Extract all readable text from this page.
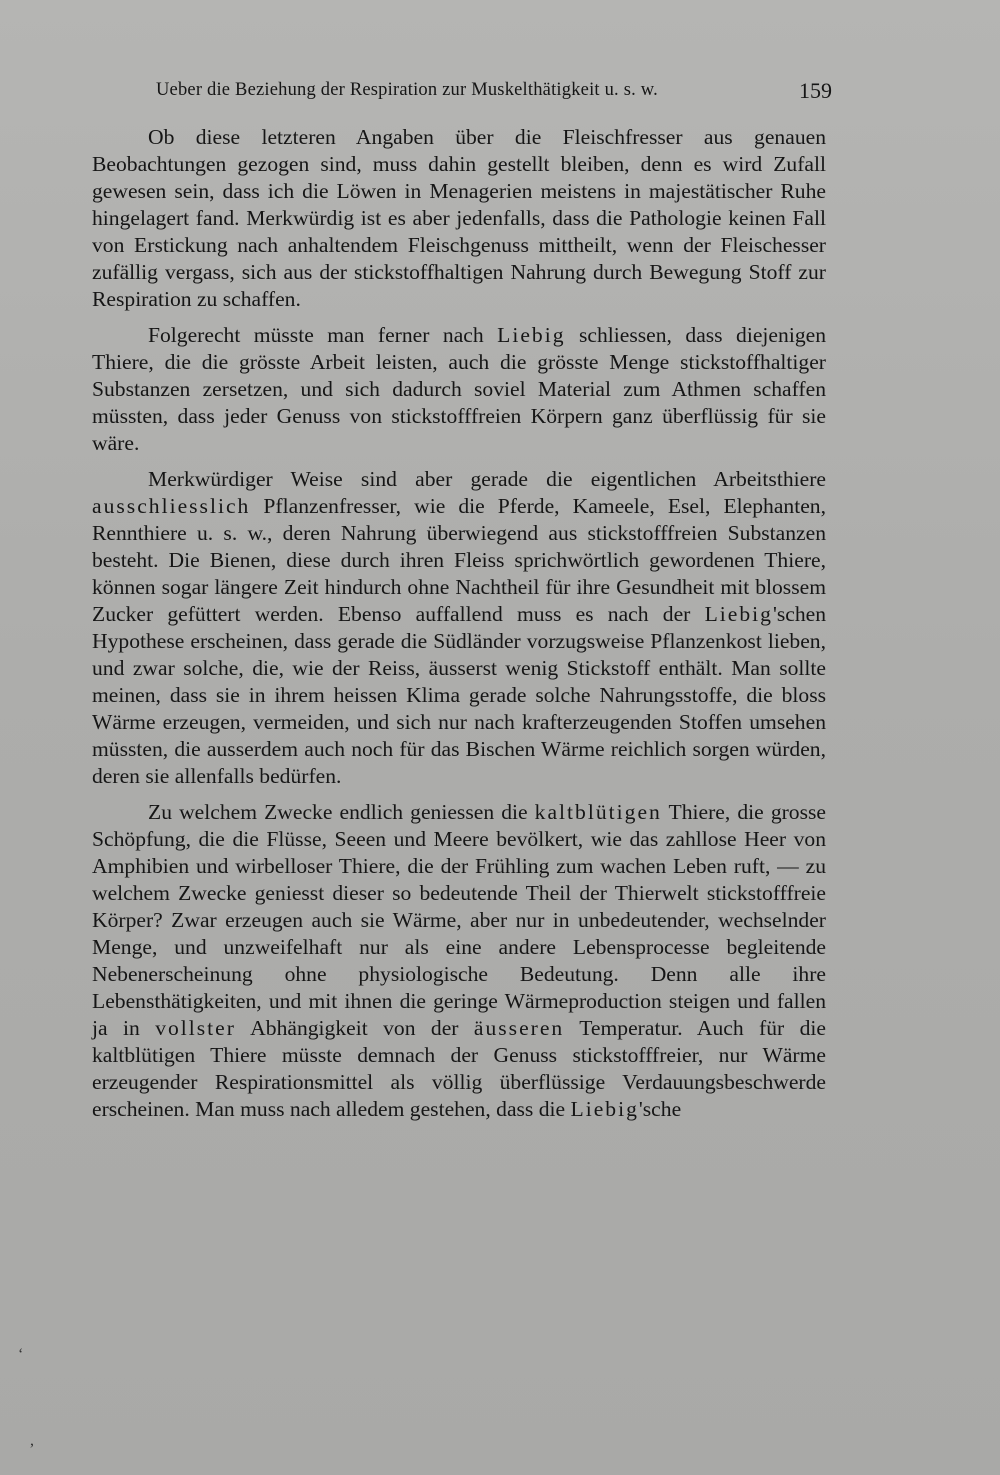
Ueber die Beziehung der Respiration zur Muskelthätigkeit u. s. w.	159

Ob diese letzteren Angaben über die Fleischfresser aus genauen Beobachtungen gezogen sind, muss dahin gestellt bleiben, denn es wird Zufall gewesen sein, dass ich die Löwen in Menagerien meistens in majestätischer Ruhe hingelagert fand. Merkwürdig ist es aber jedenfalls, dass die Pathologie keinen Fall von Erstickung nach anhaltendem Fleischgenuss mittheilt, wenn der Fleischesser zufällig vergass, sich aus der stickstoffhaltigen Nahrung durch Bewegung Stoff zur Respiration zu schaffen.

Folgerecht müsste man ferner nach Liebig schliessen, dass diejenigen Thiere, die die grösste Arbeit leisten, auch die grösste Menge stickstoffhaltiger Substanzen zersetzen, und sich dadurch soviel Material zum Athmen schaffen müssten, dass jeder Genuss von stickstofffreien Körpern ganz überflüssig für sie wäre.

Merkwürdiger Weise sind aber gerade die eigentlichen Arbeitsthiere ausschliesslich Pflanzenfresser, wie die Pferde, Kameele, Esel, Elephanten, Rennthiere u. s. w., deren Nahrung überwiegend aus stickstofffreien Substanzen besteht. Die Bienen, diese durch ihren Fleiss sprichwörtlich gewordenen Thiere, können sogar längere Zeit hindurch ohne Nachtheil für ihre Gesundheit mit blossem Zucker gefüttert werden. Ebenso auffallend muss es nach der Liebig'schen Hypothese erscheinen, dass gerade die Südländer vorzugsweise Pflanzenkost lieben, und zwar solche, die, wie der Reiss, äusserst wenig Stickstoff enthält. Man sollte meinen, dass sie in ihrem heissen Klima gerade solche Nahrungsstoffe, die bloss Wärme erzeugen, vermeiden, und sich nur nach krafterzeugenden Stoffen umsehen müssten, die ausserdem auch noch für das Bischen Wärme reichlich sorgen würden, deren sie allenfalls bedürfen.

Zu welchem Zwecke endlich geniessen die kaltblütigen Thiere, die grosse Schöpfung, die die Flüsse, Seeen und Meere bevölkert, wie das zahllose Heer von Amphibien und wirbelloser Thiere, die der Frühling zum wachen Leben ruft, — zu welchem Zwecke geniesst dieser so bedeutende Theil der Thierwelt stickstofffreie Körper? Zwar erzeugen auch sie Wärme, aber nur in unbedeutender, wechselnder Menge, und unzweifelhaft nur als eine andere Lebensprocesse begleitende Nebenerscheinung ohne physiologische Bedeutung. Denn alle ihre Lebensthätigkeiten, und mit ihnen die geringe Wärmeproduction steigen und fallen ja in vollster Abhängigkeit von der äusseren Temperatur. Auch für die kaltblütigen Thiere müsste demnach der Genuss stickstofffreier, nur Wärme erzeugender Respirationsmittel als völlig überflüssige Verdauungsbeschwerde erscheinen. Man muss nach alledem gestehen, dass die Liebig'sche

‘
,
